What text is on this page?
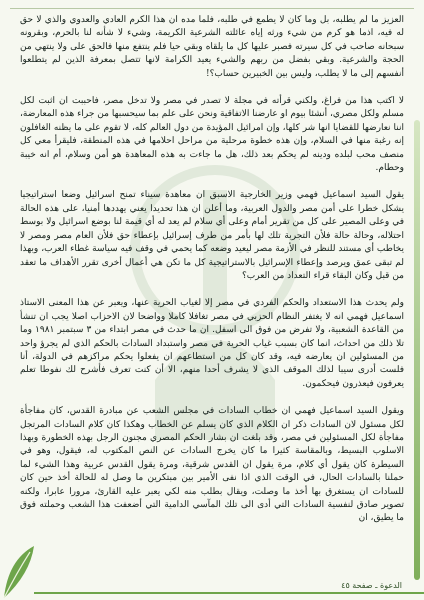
العزيز ما لم يطلبه، بل وما كان لا يطمع في طلبه، فلما مده ان هذا الكرم العادي والعدوي والذي لا حق له فيه، اذما هو كرم من شيء ورثه إياه عائلته الشرعية الكريمة، وشيء لا شأنه لنا بالحرم، وبقرونه سبحانه صاحب في كل سيرته فصبر عليها كل ما يلقاه وبقي حيا فلم ينتفع منها فالحق على ولا ينتهي من الحجة والشرعية. وبقي بفضل من ربهم والشيء يعيد الكرامة لانها تتصل بمعرفة الذين لم يتطلعوا أنفسهم إلى ما لا يطلب، وليس بين الخبيرين حساب؟!

لا اكتب هذا من فراغ، ولكني قرأته في مجلة لا تصدر في مصر ولا تدخل مصر، فاحببت ان اثبت لكل مسلم ولكل مصري، أنشئا بيوم او عارضنا الاتفاقية ونحن على علم بما سيحسبها من جراء هذه المعارضة، اننا نعارضها للقضايا انها شر كلها، وإن امرائيل المؤيدة من دول العالم كله، لا تقوم على ما يظنه الغافلون إنه رغبة منها في السلام، وإن هذه خطوة مرحلية من مراحل احلامها في هذه المنطقة، فليقرأ معي كل منصف محب لبلده ودينه لم يحكم بعد ذلك، هل ما جاءت به هذه المعاهدة هو أمن وسلام، أم انه خيبة وحطام.

يقول السيد اسماعيل فهمي وزير الخارجية الاسبق ان معاهدة سيناء تمنح اسرائيل وضعا استراتيجيا يشكل خطرا على أمن مصر والدول العربية، وما أعلن ان هذا تحديدا يعني يهددها أمنيا، على هذه الحالة في وعلى المصير على كل من تقرير أمام وعلى أي سلام لم يعد له أي قيمة لنا بوضع اسرائيل ولا بوسط احتلاله، وحالة حالة فلأن التجربة تلك لها بأمر من طرف إسرائيل بإعطاء حق فلأن العام مصر ومصر لا يخاطب أي مستند للنظر في الأزمة مصر ليعيد وضعه كما يحمي في وقف فيه سياسة غطاء العرب، وبهذا لم تبقى عمق ويرصد وإعطاء الإسرائيل بالاستراتيجية كل ما تكن هي أعمال أخرى تقرر الأهداف ما تعقد من قبل وكان البقاء قراء التعداد من العرب؟

ولم يحدث هذا الاستعداد والحكم الفردي في مصر إلا لغياب الحرية عنها، ويعبر عن هذا المعنى الاستاذ اسماعيل فهمي انه لا يغتفر النظام الحزبي في مصر تغافلا كاملا وواضحا لان الاحزاب اصلا يجب ان تنشأ من القاعدة الشعبية، ولا تفرض من فوق الى اسفل. ان ما حدث في مصر ابتداء من ٣ سبتمبر ١٩٨١ وما تلا ذلك من احداث، انما كان بسبب غياب الحرية في مصر واستبداد السادات بالحكم الذي لم يجرؤ واحد من المسئولين ان يعارضه فيه، وقد كان كل من استطاعهم ان يفعلوا يحكم مراكزهم في الدولة، أنا فلست أدرى سيبا لذلك الموقف الذي لا يشرف أحدا منهم، الا أن كنت تعرف فأشرح لك نفوطا تعلم يعرفون فيعذرون فيحكمون.

ويقول السيد اسماعيل فهمي ان خطاب السادات في مجلس الشعب عن مبادرة القدس، كان مفاجأة لكل مسئول لان السادات ذكر ان الكلام الذي كان يسلم عن الخطاب وهكذا كان كلام السادات المرتجل مفاجأة لكل المسئولين في مصر، وقد بلغت ان بشار الحكم المصري مجنون الرجل بهذه الخطورة وبهذا الاسلوب البسيط، وبالمقاسة كثيرا ما كان يخرج السادات عن النص المكتوب له، فيقول، وهو في السيطرة كان يقول أي كلام، مرة يقول ان القدس شرقية، ومرة يقول القدس عربية وهذا الشيء لما حملنا بالسادات الحال، في الوقت الذي اذا نفى الأمير بين مبتكرين ما وصل له للحالة أخذ حين كان للسادات ان يستغرق بها أخذ ما وصلت، ويقال بطلب منه لكي يعبر عليه القارئ، مرورا عابرا، ولكنه تصوير صادق لنفسية السادات التي أدى الى تلك المآسي الدامية التي أضعفت هذا الشعب وحملته فوق ما يطيق، ان

الدعوة ـ صفحة ٤٥
